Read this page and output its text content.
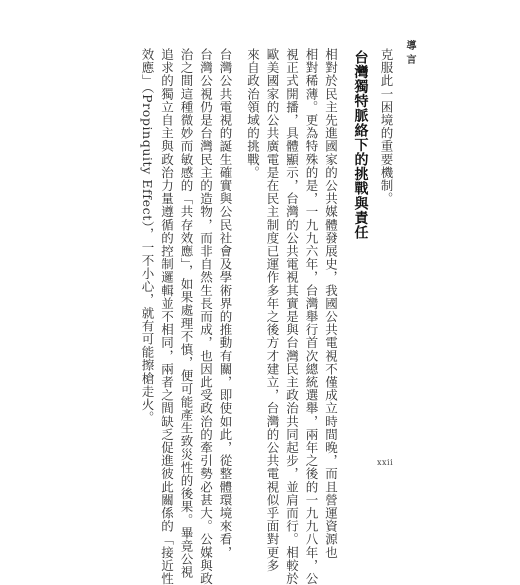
導言
克服此一困境的重要機制。
台灣獨特脈絡下的挑戰與責任
相對於民主先進國家的公共媒體發展史，我國公共電視不僅成立時間晚，而且營運資源也
相對稀薄。更為特殊的是，一九九六年，台灣舉行首次總統選舉，兩年之後的一九九八年，公
視正式開播，具體顯示，台灣的公共電視其實是與台灣民主政治共同起步，並肩而行。相較於
歐美國家的公共廣電是在民主制度已運作多年之後方才建立，台灣的公共電視似乎面對更多
來自政治領域的挑戰。
台灣公共電視的誕生確實與公民社會及學術界的推動有關，即使如此，從整體環境來看，
台灣公視仍是台灣民主的造物，而非自然生長而成，也因此受政治的牽引勢必甚大。公媒與政
治之間這種微妙而敏感的「共存效應」，如果處理不慎，便可能產生致災性的後果。畢竟公視
追求的獨立自主與政治力量遵循的控制邏輯並不相同，兩者之間缺乏促進彼此關係的「接近性
效應」（Propinquity Effect），一不小心，就有可能擦槍走火。
xxii
